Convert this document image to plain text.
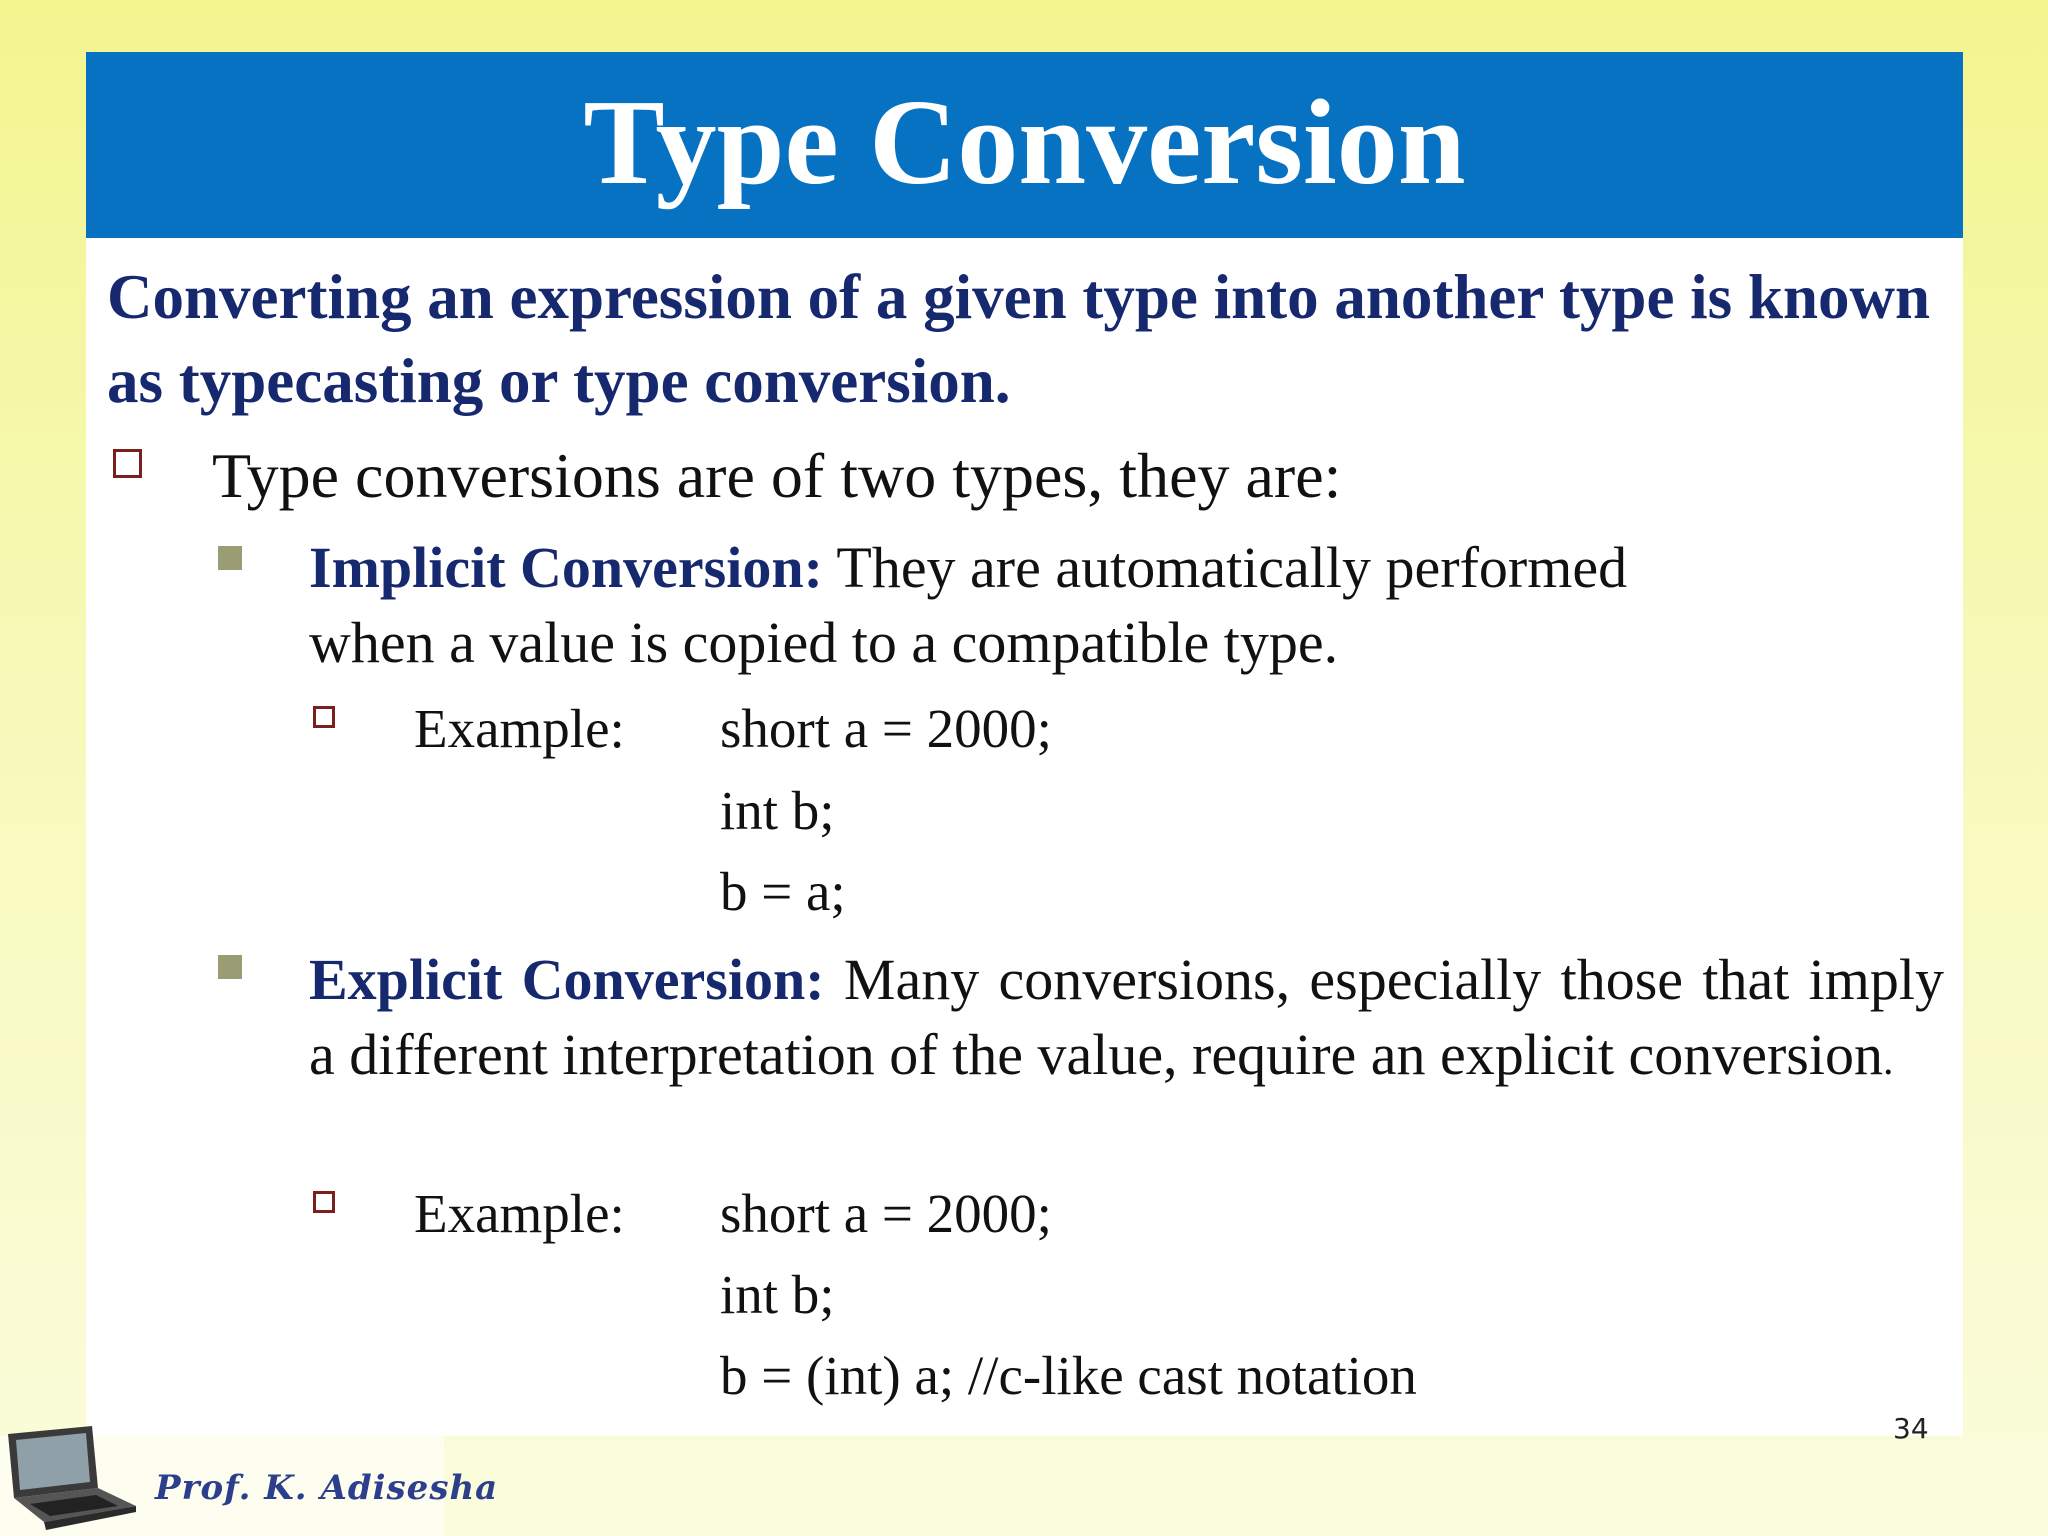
Type Conversion
Converting an expression of a given type into another type is known as typecasting or type conversion.
Type conversions are of two types, they are:
Implicit Conversion: They are automatically performed when a value is copied to a compatible type.
Example: short a = 2000;
int b;
b = a;
Explicit Conversion: Many conversions, especially those that imply a different interpretation of the value, require an explicit conversion.
Example: short a = 2000;
int b;
b = (int) a; //c-like cast notation
34
Prof. K. Adisesha
